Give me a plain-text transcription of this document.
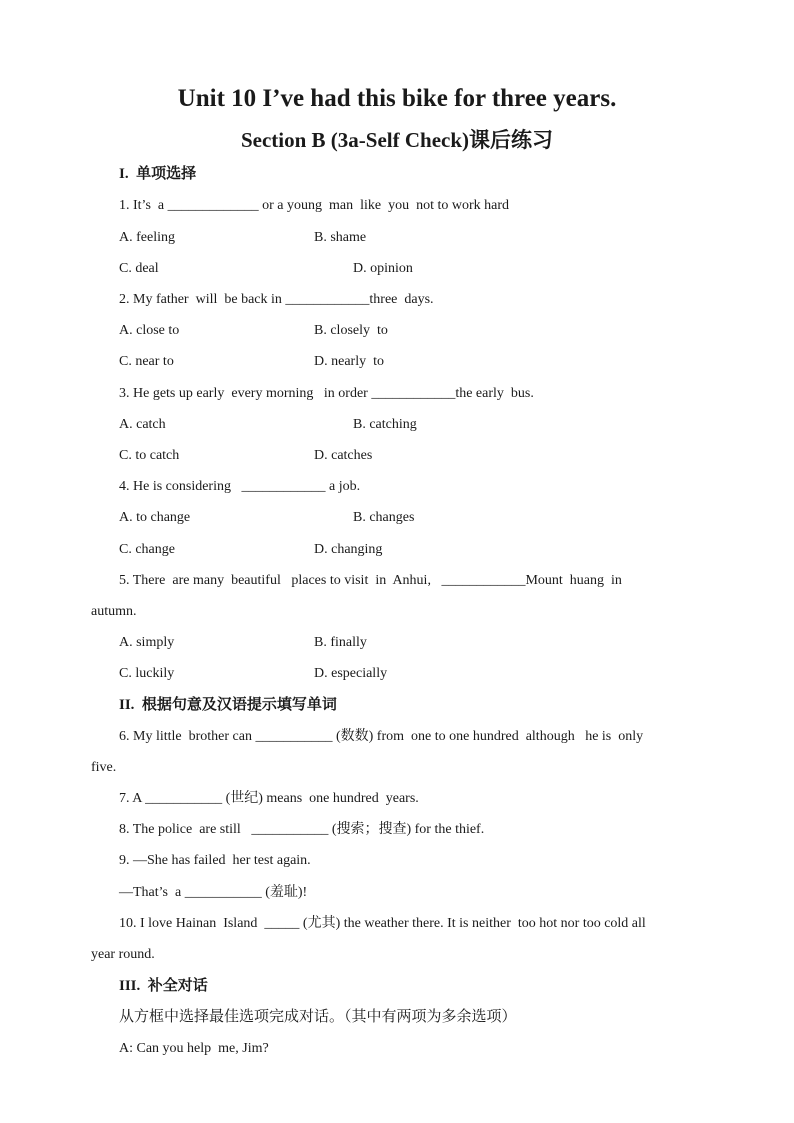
Unit 10 I’ve had this bike for three years.
Section B (3a-Self Check)课后练习
I.  单项选择
1. It’s  a _____________ or a young  man  like  you  not to work hard
A. feeling	B. shame
C. deal	D. opinion
2. My father  will  be back in ____________three  days.
A. close to	B. closely  to
C. near to	D. nearly  to
3. He gets up early  every morning   in order ____________the early  bus.
A. catch	B. catching
C. to catch	D. catches
4. He is considering   ____________ a job.
A. to change	B. changes
C. change	D. changing
5. There  are many  beautiful   places to visit  in  Anhui,   ____________Mount  huang  in
autumn.
A. simply	B. finally
C. luckily	D. especially
II.  根据句意及汉语提示填写单词
6. My little  brother can ___________ (数数) from  one to one hundred  although   he is  only
five.
7. A ___________ (世纪) means  one hundred  years.
8. The police  are still   ___________ (搜索；搜查) for the thief.
9. —She has failed  her test again.
—That’s  a ___________ (羞耻)!
10. I love Hainan  Island  _____ (尤其) the weather there. It is neither  too hot nor too cold all
year round.
III.  补全对话
从方框中选择最佳选项完成对话。（其中有两项为多余选项）
A: Can you help  me, Jim?
